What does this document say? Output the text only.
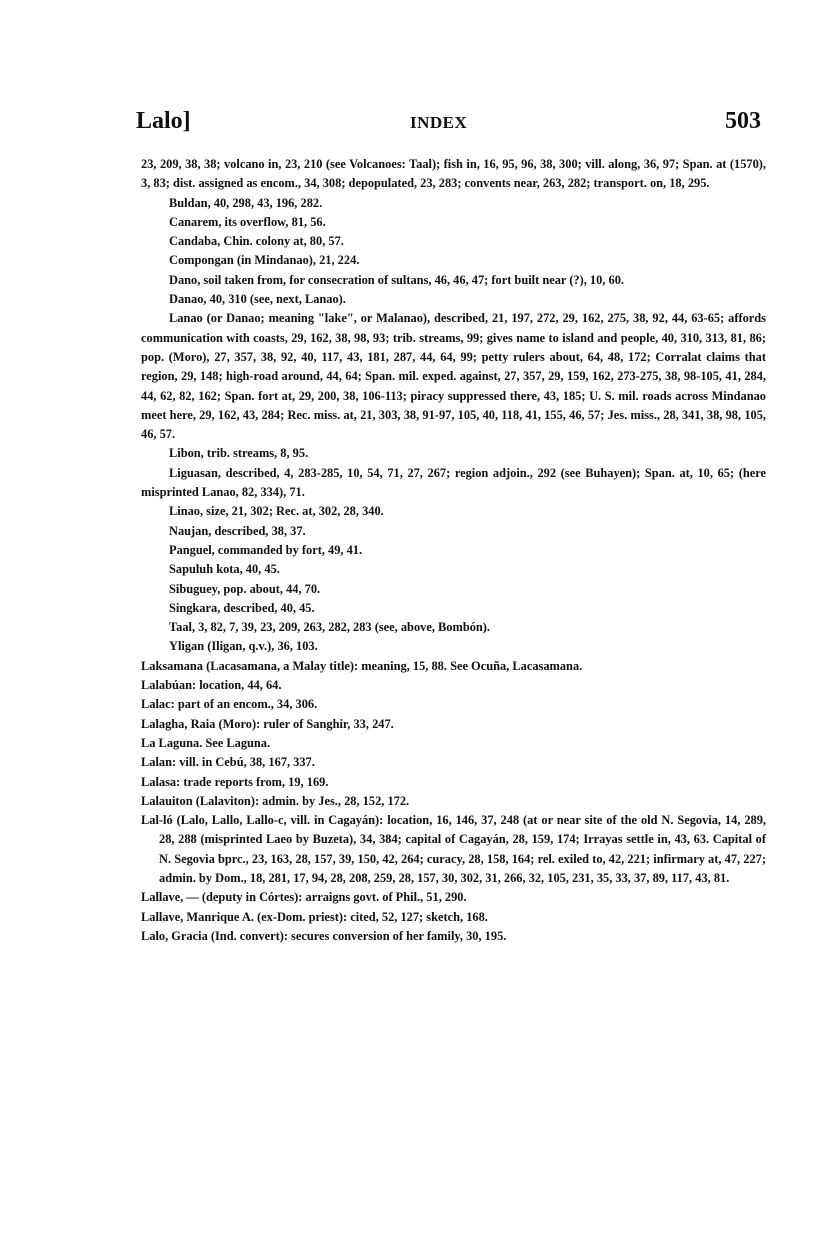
Lalo]	INDEX	503

23, 209, 38, 38; volcano in, 23, 210 (see Volcanoes: Taal); fish in, 16, 95, 96, 38, 300; vill. along, 36, 97; Span. at (1570), 3, 83; dist. assigned as encom., 34, 308; depopulated, 23, 283; convents near, 263, 282; transport. on, 18, 295.

Buldan, 40, 298, 43, 196, 282.

Canarem, its overflow, 81, 56.

Candaba, Chin. colony at, 80, 57.

Compongan (in Mindanao), 21, 224.

Dano, soil taken from, for consecration of sultans, 46, 46, 47; fort built near (?), 10, 60.

Danao, 40, 310 (see, next, Lanao).

Lanao (or Danao; meaning "lake", or Malanao), described, 21, 197, 272, 29, 162, 275, 38, 92, 44, 63-65; affords communication with coasts, 29, 162, 38, 98, 93; trib. streams, 99; gives name to island and people, 40, 310, 313, 81, 86; pop. (Moro), 27, 357, 38, 92, 40, 117, 43, 181, 287, 44, 64, 99; petty rulers about, 64, 48, 172; Corralat claims that region, 29, 148; high-road around, 44, 64; Span. mil. exped. against, 27, 357, 29, 159, 162, 273-275, 38, 98-105, 41, 284, 44, 62, 82, 162; Span. fort at, 29, 200, 38, 106-113; piracy suppressed there, 43, 185; U. S. mil. roads across Mindanao meet here, 29, 162, 43, 284; Rec. miss. at, 21, 303, 38, 91-97, 105, 40, 118, 41, 155, 46, 57; Jes. miss., 28, 341, 38, 98, 105, 46, 57.

Libon, trib. streams, 8, 95.

Liguasan, described, 4, 283-285, 10, 54, 71, 27, 267; region adjoin., 292 (see Buhayen); Span. at, 10, 65; (here misprinted Lanao, 82, 334), 71.

Linao, size, 21, 302; Rec. at, 302, 28, 340.

Naujan, described, 38, 37.

Panguel, commanded by fort, 49, 41.

Sapuluh kota, 40, 45.

Sibuguey, pop. about, 44, 70.

Singkara, described, 40, 45.

Taal, 3, 82, 7, 39, 23, 209, 263, 282, 283 (see, above, Bombón).

Yligan (Iligan, q.v.), 36, 103.

Laksamana (Lacasamana, a Malay title): meaning, 15, 88. See Ocuña, Lacasamana.

Lalabúan: location, 44, 64.

Lalac: part of an encom., 34, 306.

Lalagha, Raia (Moro): ruler of Sanghir, 33, 247.

La Laguna. See Laguna.

Lalan: vill. in Cebú, 38, 167, 337.

Lalasa: trade reports from, 19, 169.

Lalauiton (Lalaviton): admin. by Jes., 28, 152, 172.

Lal-ló (Lalo, Lallo, Lallo-c, vill. in Cagayán): location, 16, 146, 37, 248 (at or near site of the old N. Segovia, 14, 289, 28, 288 (misprinted Laeo by Buzeta), 34, 384; capital of Cagayán, 28, 159, 174; Irrayas settle in, 43, 63. Capital of N. Segovia bprc., 23, 163, 28, 157, 39, 150, 42, 264; curacy, 28, 158, 164; rel. exiled to, 42, 221; infirmary at, 47, 227; admin. by Dom., 18, 281, 17, 94, 28, 208, 259, 28, 157, 30, 302, 31, 266, 32, 105, 231, 35, 33, 37, 89, 117, 43, 81.

Lallave, — (deputy in Córtes): arraigns govt. of Phil., 51, 290.

Lallave, Manrique A. (ex-Dom. priest): cited, 52, 127; sketch, 168.

Lalo, Gracia (Ind. convert): secures conversion of her family, 30, 195.
